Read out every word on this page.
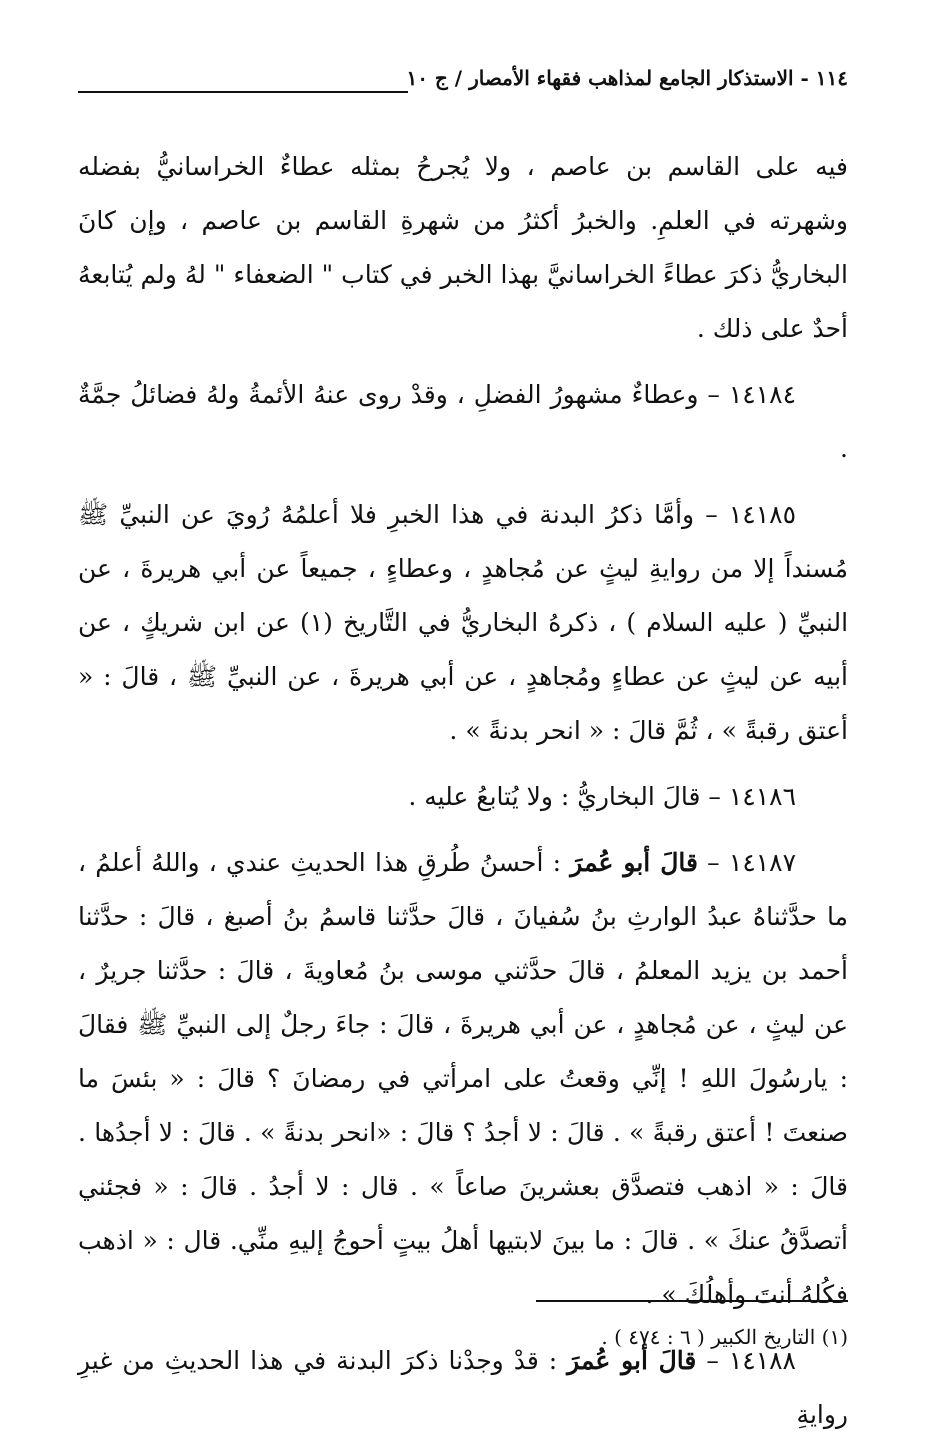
١١٤ - الاستذكار الجامع لمذاهب فقهاء الأمصار / ج ١٠

فيه على القاسم بن عاصم ، ولا يُجرحُ بمثله عطاءٌ الخراسانيُّ بفضله وشهرته في العلمِ. والخبرُ أكثرُ من شهرةِ القاسم بن عاصم ، وإن كانَ البخاريُّ ذكرَ عطاءً الخراسانيَّ بهذا الخبر في كتاب " الضعفاء " لهُ ولم يُتابعهُ أحدٌ على ذلك .

١٤١٨٤ – وعطاءٌ مشهورُ الفضلِ ، وقدْ روى عنهُ الأئمةُ ولهُ فضائلُ جمَّةٌ .

١٤١٨٥ – وأمَّا ذكرُ البدنة في هذا الخبرِ فلا أعلمُهُ رُويَ عن النبيِّ ﷺ مُسنداً إلا من روايةِ ليثٍ عن مُجاهدٍ ، وعطاءٍ ، جميعاً عن أبي هريرةَ ، عن النبيِّ ( عليه السلام ) ، ذكرهُ البخاريُّ في التَّاريخ (١) عن ابن شريكٍ ، عن أبيه عن ليثٍ عن عطاءٍ ومُجاهدٍ ، عن أبي هريرةَ ، عن النبيِّ ﷺ ، قالَ : « أعتق رقبةً » ، ثُمَّ قالَ : « انحر بدنةً » .

١٤١٨٦ – قالَ البخاريُّ : ولا يُتابعُ عليه .

١٤١٨٧ – قالَ أبو عُمرَ : أحسنُ طُرقِ هذا الحديثِ عندي ، واللهُ أعلمُ ، ما حدَّثناهُ عبدُ الوارثِ بنُ سُفيانَ ، قالَ حدَّثنا قاسمُ بنُ أصبغ ، قالَ : حدَّثنا أحمد بن يزيد المعلمُ ، قالَ حدَّثني موسى بنُ مُعاويةَ ، قالَ : حدَّثنا جريرٌ ، عن ليثٍ ، عن مُجاهدٍ ، عن أبي هريرةَ ، قالَ : جاءَ رجلٌ إلى النبيِّ ﷺ فقالَ : يارسُولَ اللهِ ! إنِّي وقعتُ على امرأتي في رمضانَ ؟ قالَ : « بئسَ ما صنعتَ ! أعتق رقبةً » . قالَ : لا أجدُ ؟ قالَ : «انحر بدنةً » . قالَ : لا أجدُها . قالَ : « اذهب فتصدَّق بعشرينَ صاعاً » . قال : لا أجدُ . قالَ : « فجئني أتصدَّقُ عنكَ » . قالَ : ما بينَ لابتيها أهلُ بيتٍ أحوجُ إليهِ منِّي. قال : « اذهب فكُلهُ أنتَ وأهلُكَ » .

١٤١٨٨ – قالَ أبو عُمرَ : قدْ وجدْنا ذكرَ البدنة في هذا الحديثِ من غيرِ روايةِ

(١) التاريخ الكبير ( ٦ : ٤٧٤ ) .
